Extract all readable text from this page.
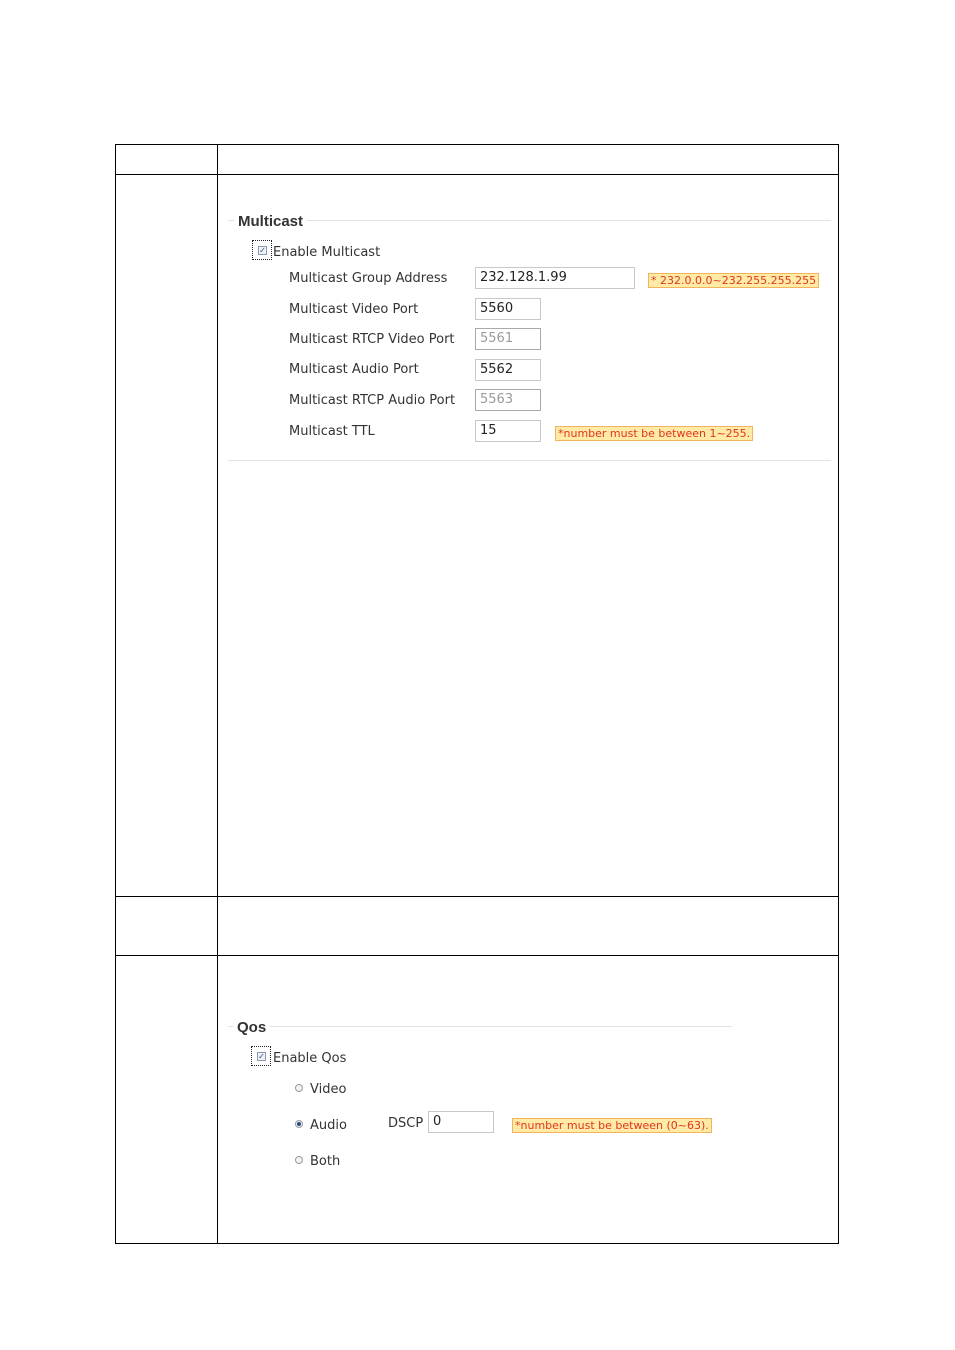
Multicast
✓ Enable Multicast
Multicast Group Address	232.128.1.99	* 232.0.0.0~232.255.255.255
Multicast Video Port	5560
Multicast RTCP Video Port	5561
Multicast Audio Port	5562
Multicast RTCP Audio Port	5563
Multicast TTL	15	*number must be between 1~255.
Qos
✓ Enable Qos
Video
Audio	DSCP 0	*number must be between (0~63).
Both
